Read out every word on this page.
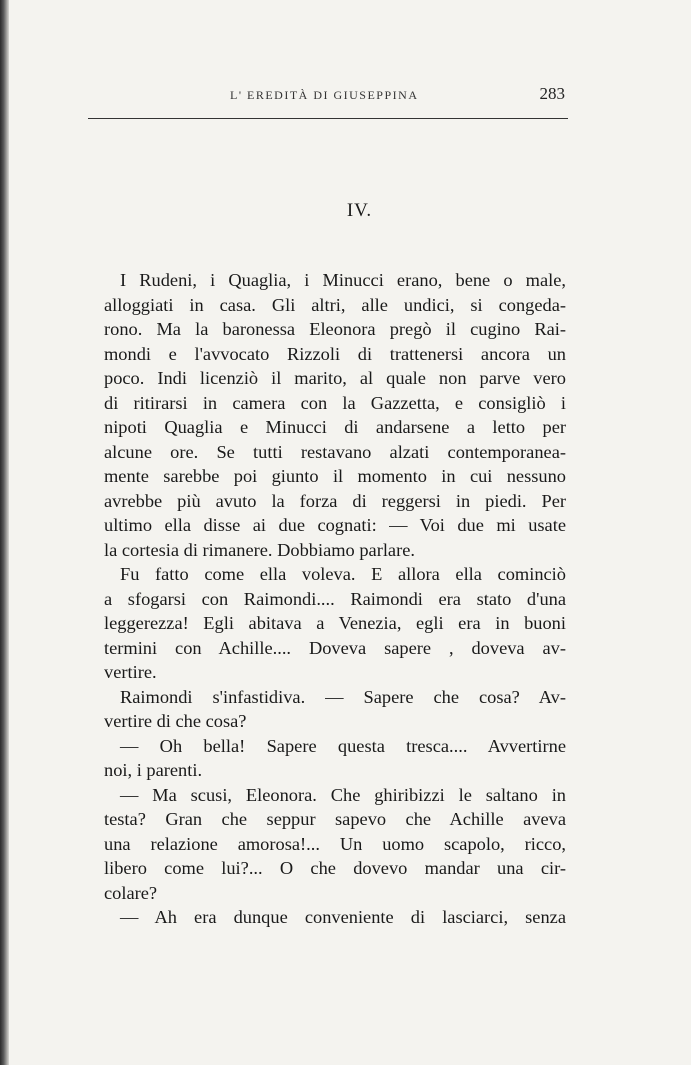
L' EREDITÀ DI GIUSEPPINA	283
IV.
I Rudeni, i Quaglia, i Minucci erano, bene o male,
alloggiati in casa. Gli altri, alle undici, si congeda-
rono. Ma la baronessa Eleonora pregò il cugino Rai-
mondi e l'avvocato Rizzoli di trattenersi ancora un
poco. Indi licenziò il marito, al quale non parve vero
di ritirarsi in camera con la Gazzetta, e consigliò i
nipoti Quaglia e Minucci di andarsene a letto per
alcune ore. Se tutti restavano alzati contemporanea-
mente sarebbe poi giunto il momento in cui nessuno
avrebbe più avuto la forza di reggersi in piedi. Per
ultimo ella disse ai due cognati: — Voi due mi usate
la cortesia di rimanere. Dobbiamo parlare.
Fu fatto come ella voleva. E allora ella cominciò
a sfogarsi con Raimondi.... Raimondi era stato d'una
leggerezza! Egli abitava a Venezia, egli era in buoni
termini con Achille.... Doveva sapere , doveva av-
vertire.
Raimondi s'infastidiva. — Sapere che cosa? Av-
vertire di che cosa?
— Oh bella! Sapere questa tresca.... Avvertirne
noi, i parenti.
— Ma scusi, Eleonora. Che ghiribizzi le saltano in
testa? Gran che seppur sapevo che Achille aveva
una relazione amorosa!... Un uomo scapolo, ricco,
libero come lui?... O che dovevo mandar una cir-
colare?
— Ah era dunque conveniente di lasciarci, senza
